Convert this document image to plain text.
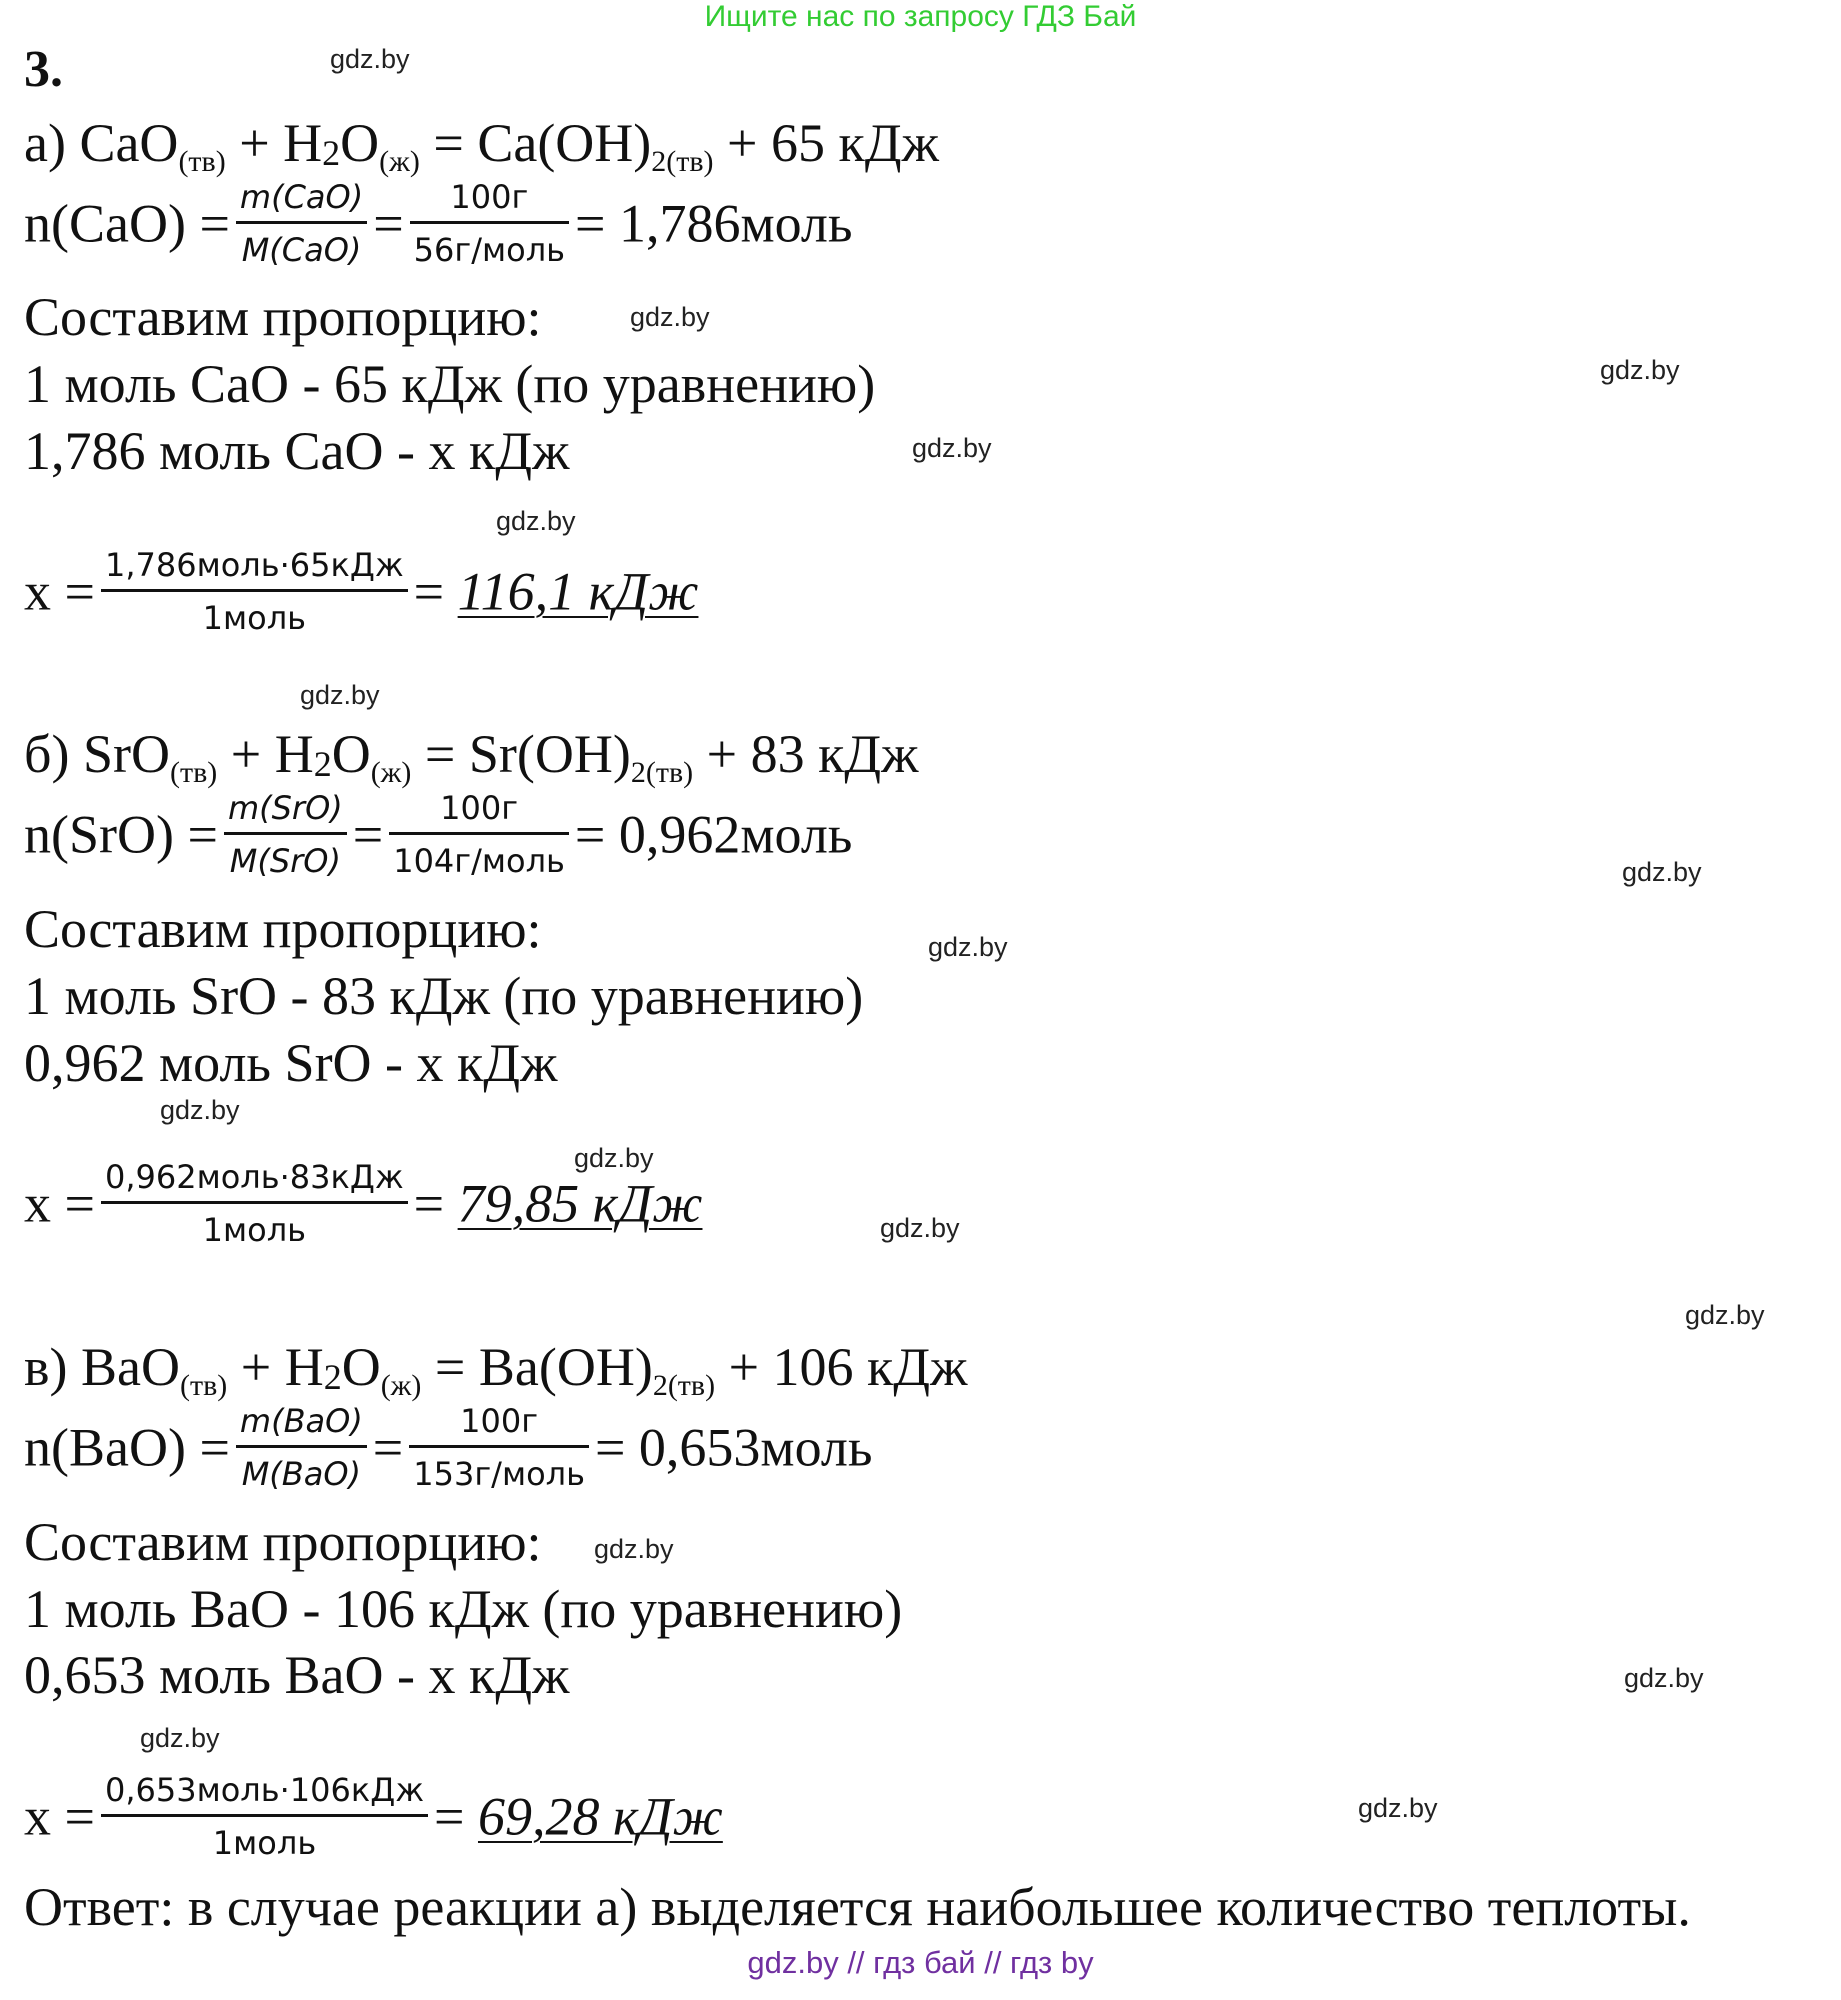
Ищите нас по запросу ГДЗ Бай
3.	gdz.by
gdz.by
gdz.by
gdz.by
gdz.by
gdz.by
gdz.by
gdz.by
gdz.by
gdz.by
gdz.by
gdz.by
gdz.by
gdz.by
gdz.by
gdz.by
а) $CaO_{(тв)} + H2O_{(ж)} = Ca(OH)_{2(тв)} + 65$ кДж
$n(CaO) = \frac{\text{m(CaO)}}{\text{M(CaO)}} = \frac{100г}{\text{56г/моль}}$ = 1,786моль
Составим пропорцию:
1 моль CaO - 65 кДж (по уравнению)
1,786 моль CaO - x кДж
$x = \frac{\text{1,786моль·65кДж}}{\text{1моль}} = 116,1$ кДж
б) $SrO_{(тв)} + H2O_{(ж)} = Sr(OH)_{2(тв)} + 83$ кДж
$n(SrO) = \frac{\text{m(SrO)}}{\text{M(SrO)}} = \frac{100г}{\text{104г/моль}}$ = 0,962моль
Составим пропорцию:
1 моль SrO - 83 кДж (по уравнению)
0,962 моль SrO - x кДж
$x = \frac{\text{0,962моль·83кДж}}{\text{1моль}} = 79,85$ кДж
в) $BaO_{(тв)} + H2O_{(ж)} = Ba(OH)_{2(тв)} + 106$ кДж
$n(BaO) = \frac{\text{m(BaO)}}{\text{M(BaO)}} = \frac{100г}{\text{153г/моль}}$ = 0,653моль
Составим пропорцию:
1 моль BaO - 106 кДж (по уравнению)
0,653 моль BaO - x кДж
$x = \frac{\text{0,653моль·106кДж}}{\text{1моль}} = 69,28$ кДж
Ответ: в случае реакции а) выделяется наибольшее количество теплоты.
gdz.by // гдз бай // гдз by
